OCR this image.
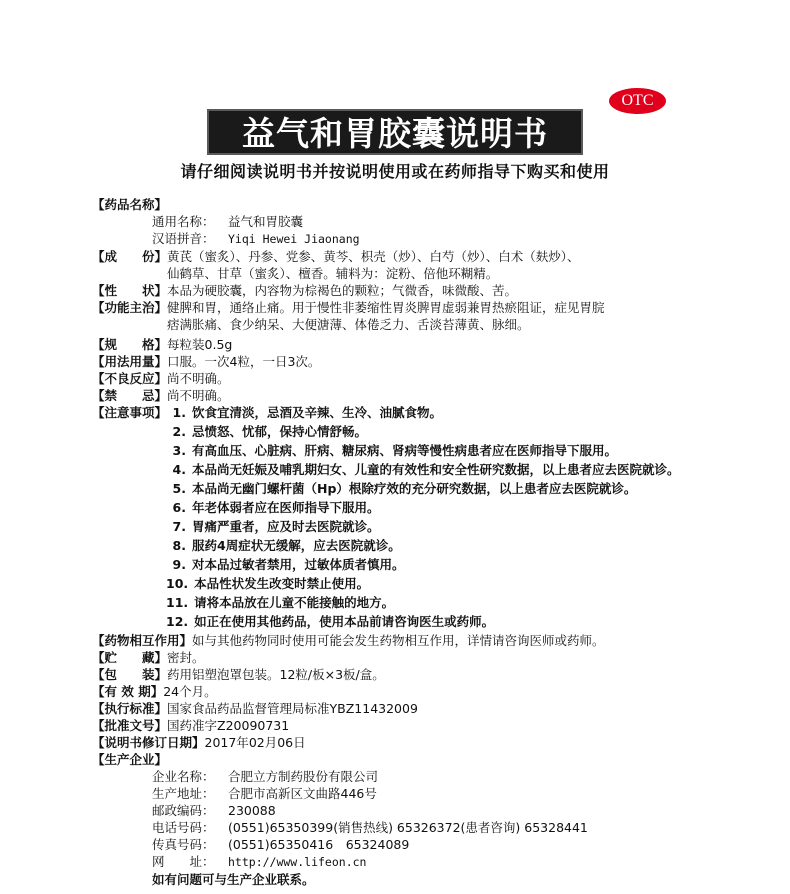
OTC
益气和胃胶囊说明书
请仔细阅读说明书并按说明使用或在药师指导下购买和使用
【药品名称】
通用名称： 益气和胃胶囊
汉语拼音： Yiqi Hewei Jiaonang
【成　　份】 黄芪（蜜炙）、丹参、党参、黄芩、枳壳（炒）、白芍（炒）、白术（麸炒）、
仙鹤草、甘草（蜜炙）、檀香。辅料为：淀粉、倍他环糊精。
【性　　状】 本品为硬胶囊，内容物为棕褐色的颗粒；气微香，味微酸、苦。
【功能主治】 健脾和胃，通络止痛。用于慢性非萎缩性胃炎脾胃虚弱兼胃热瘀阻证，症见胃脘
痞满胀痛、食少纳呆、大便溏薄、体倦乏力、舌淡苔薄黄、脉细。
【规　　格】 每粒装0.5g
【用法用量】 口服。一次4粒，一日3次。
【不良反应】 尚不明确。
【禁　　忌】 尚不明确。
【注意事项】 1. 饮食宜清淡，忌酒及辛辣、生冷、油腻食物。
2. 忌愤怒、忧郁，保持心情舒畅。
3. 有高血压、心脏病、肝病、糖尿病、肾病等慢性病患者应在医师指导下服用。
4. 本品尚无妊娠及哺乳期妇女、儿童的有效性和安全性研究数据，以上患者应去医院就诊。
5. 本品尚无幽门螺杆菌（Hp）根除疗效的充分研究数据，以上患者应去医院就诊。
6. 年老体弱者应在医师指导下服用。
7. 胃痛严重者，应及时去医院就诊。
8. 服药4周症状无缓解，应去医院就诊。
9. 对本品过敏者禁用，过敏体质者慎用。
10. 本品性状发生改变时禁止使用。
11. 请将本品放在儿童不能接触的地方。
12. 如正在使用其他药品，使用本品前请咨询医生或药师。
【药物相互作用】 如与其他药物同时使用可能会发生药物相互作用，详情请咨询医师或药师。
【贮　　藏】 密封。
【包　　装】 药用铝塑泡罩包装。12粒/板×3板/盒。
【有 效 期】 24个月。
【执行标准】 国家食品药品监督管理局标准YBZ11432009
【批准文号】 国药准字Z20090731
【说明书修订日期】 2017年02月06日
【生产企业】
企业名称： 合肥立方制药股份有限公司
生产地址： 合肥市高新区文曲路446号
邮政编码： 230088
电话号码： (0551)65350399(销售热线) 65326372(患者咨询) 65328441
传真号码： (0551)65350416　65324089
网　　址： http://www.lifeon.cn
如有问题可与生产企业联系。
